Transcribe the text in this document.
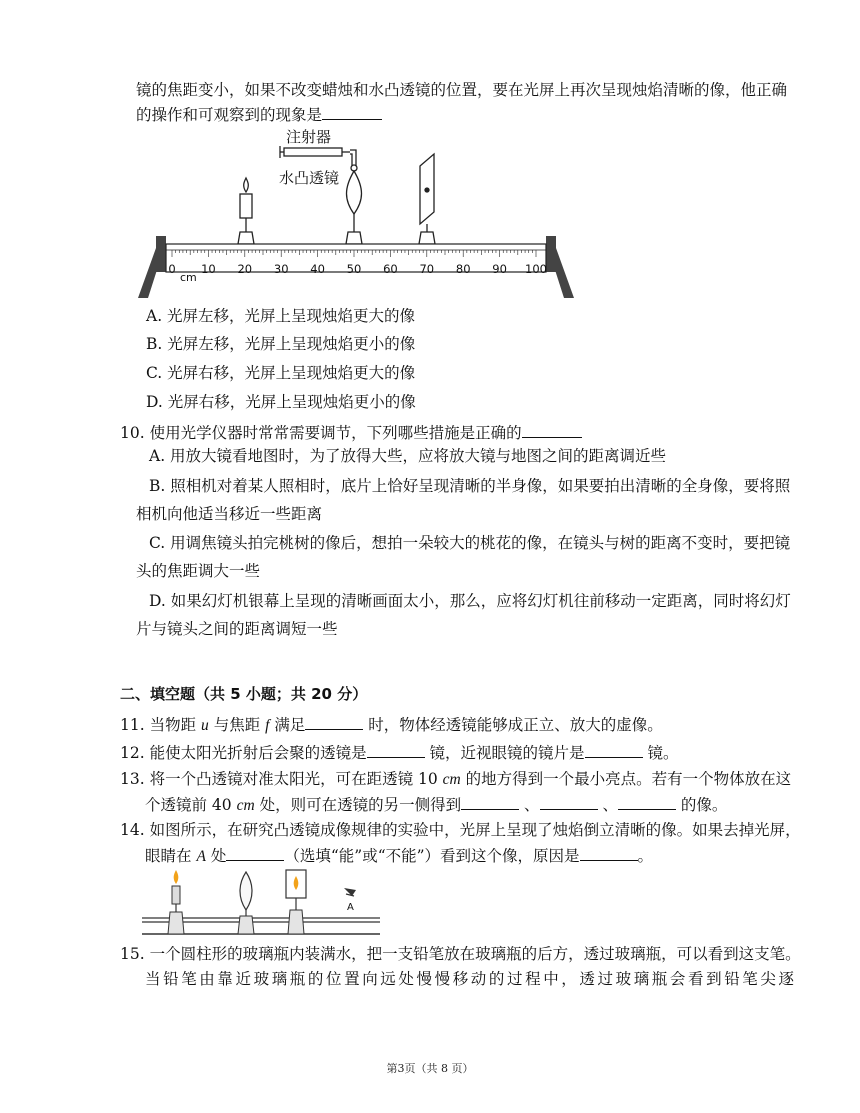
镜的焦距变小，如果不改变蜡烛和水凸透镜的位置，要在光屏上再次呈现烛焰清晰的像，他正确
的操作和可观察到的现象是
注射器
水凸透镜
0 10 20 30 40 50 60 70 80 90 100
cm
A. 光屏左移，光屏上呈现烛焰更大的像
B. 光屏左移，光屏上呈现烛焰更小的像
C. 光屏右移，光屏上呈现烛焰更大的像
D. 光屏右移，光屏上呈现烛焰更小的像
10. 使用光学仪器时常常需要调节，下列哪些措施是正确的
A. 用放大镜看地图时，为了放得大些，应将放大镜与地图之间的距离调近些
B. 照相机对着某人照相时，底片上恰好呈现清晰的半身像，如果要拍出清晰的全身像，要将照
相机向他适当移近一些距离
C. 用调焦镜头拍完桃树的像后，想拍一朵较大的桃花的像，在镜头与树的距离不变时，要把镜
头的焦距调大一些
D. 如果幻灯机银幕上呈现的清晰画面太小，那么，应将幻灯机往前移动一定距离，同时将幻灯
片与镜头之间的距离调短一些
二、填空题（共 5 小题；共 20 分）
11. 当物距 u 与焦距 f 满足	时，物体经透镜能够成正立、放大的虚像。
12. 能使太阳光折射后会聚的透镜是	镜，近视眼镜的镜片是	镜。
13. 将一个凸透镜对准太阳光，可在距透镜 10 cm 的地方得到一个最小亮点。若有一个物体放在这
个透镜前 40 cm 处，则可在透镜的另一侧得到	、	、	的像。
14. 如图所示，在研究凸透镜成像规律的实验中，光屏上呈现了烛焰倒立清晰的像。如果去掉光屏，
眼睛在 A 处	（选填“能”或“不能”）看到这个像，原因是	。
A
15. 一个圆柱形的玻璃瓶内装满水，把一支铅笔放在玻璃瓶的后方，透过玻璃瓶，可以看到这支笔。
当铅笔由靠近玻璃瓶的位置向远处慢慢移动的过程中，透过玻璃瓶会看到铅笔尖逐
第3页（共 8 页）
